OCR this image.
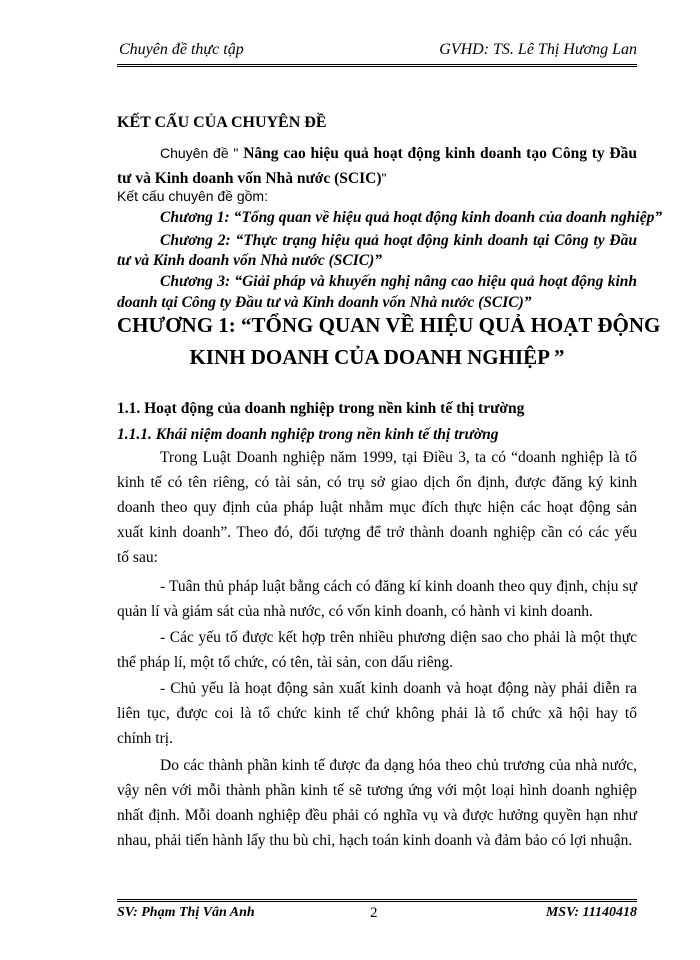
Chuyên đề thực tập	GVHD: TS. Lê Thị Hương Lan
KẾT CẤU CỦA CHUYÊN ĐỀ
Chuyên đề " Nâng cao hiệu quả hoạt động kinh doanh tạo Công ty Đầu
tư và Kinh doanh vốn Nhà nước (SCIC)"
Kết cấu chuyên đề gồm:
Chương 1: “Tổng quan về hiệu quả hoạt động kinh doanh của doanh nghiệp”
Chương 2: “Thực trạng hiệu quả hoạt động kinh doanh tại Công ty Đầu
tư và Kinh doanh vốn Nhà nước (SCIC)”
Chương 3: “Giải pháp và khuyến nghị nâng cao hiệu quả hoạt động kinh
doanh tại Công ty Đầu tư và Kinh doanh vốn Nhà nước (SCIC)”
CHƯƠNG 1: “TỔNG QUAN VỀ HIỆU QUẢ HOẠT ĐỘNG
KINH DOANH CỦA DOANH NGHIỆP ”
1.1. Hoạt động của doanh nghiệp trong nền kinh tế thị trường
1.1.1. Khái niệm doanh nghiệp trong nền kinh tế thị trường
Trong Luật Doanh nghiệp năm 1999, tại Điều 3, ta có “doanh nghiệp là tổ
kinh tế có tên riêng, có tài sản, có trụ sở giao dịch ổn định, được đăng ký kinh
doanh theo quy định của pháp luật nhằm mục đích thực hiện các hoạt động sản
xuất kinh doanh”. Theo đó, đối tượng để trở thành doanh nghiệp cần có các yếu
tố sau:
- Tuân thủ pháp luật bằng cách có đăng kí kinh doanh theo quy định, chịu sự
quản lí và giám sát của nhà nước, có vốn kinh doanh, có hành vi kinh doanh.
- Các yếu tố được kết hợp trên nhiều phương diện sao cho phải là một thực
thể pháp lí, một tổ chức, có tên, tài sản, con dấu riêng.
- Chủ yếu là hoạt động sản xuất kinh doanh và hoạt động này phải diễn ra
liên tục, được coi là tổ chức kinh tế chứ không phải là tổ chức xã hội hay tổ
chính trị.
Do các thành phần kinh tế được đa dạng hóa theo chủ trương của nhà nước,
vậy nên với mỗi thành phần kinh tế sẽ tương ứng với một loại hình doanh nghiệp
nhất định. Mỗi doanh nghiệp đều phải có nghĩa vụ và được hưởng quyền hạn như
nhau, phải tiến hành lấy thu bù chi, hạch toán kinh doanh và đảm bảo có lợi nhuận.
SV: Phạm Thị Vân Anh	2	MSV: 11140418
